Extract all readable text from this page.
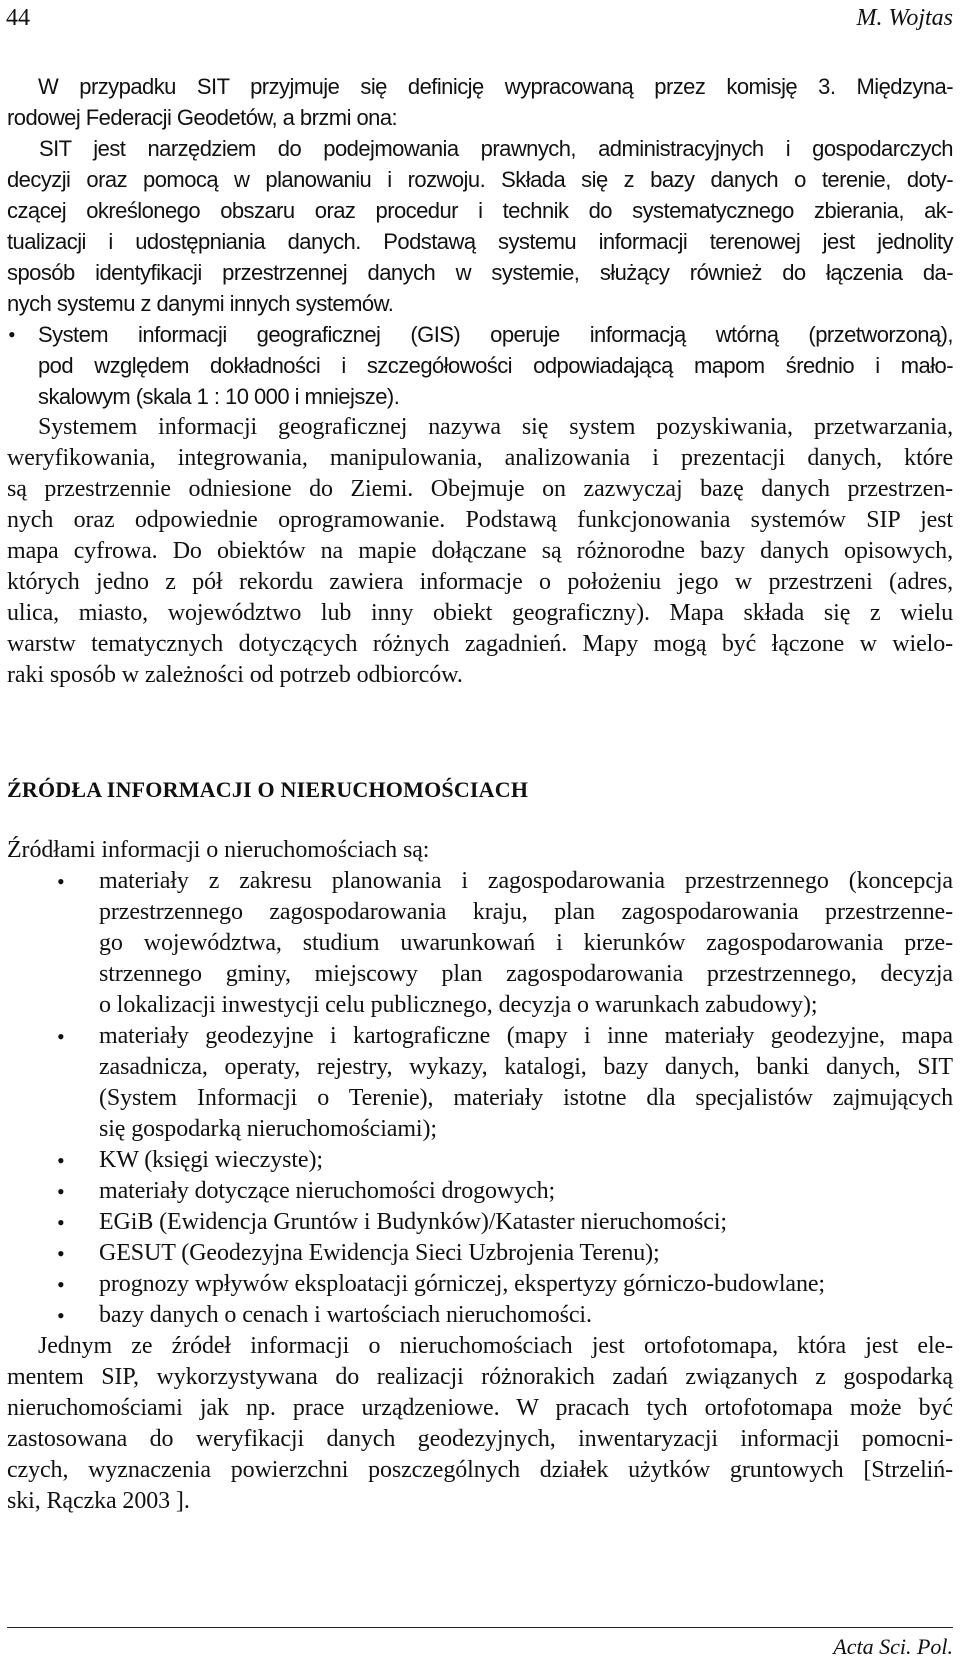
44	M. Wojtas
W przypadku SIT przyjmuje się definicję wypracowaną przez komisję 3. Międzyna-
rodowej Federacji Geodetów, a brzmi ona:
SIT jest narzędziem do podejmowania prawnych, administracyjnych i gospodarczych
decyzji oraz pomocą w planowaniu i rozwoju. Składa się z bazy danych o terenie, doty-
czącej określonego obszaru oraz procedur i technik do systematycznego zbierania, ak-
tualizacji i udostępniania danych. Podstawą systemu informacji terenowej jest jednolity
sposób identyfikacji przestrzennej danych w systemie, służący również do łączenia da-
nych systemu z danymi innych systemów.
• System informacji geograficznej (GIS) operuje informacją wtórną (przetworzoną),
pod względem dokładności i szczegółowości odpowiadającą mapom średnio i mało-
skalowym (skala 1 : 10 000 i mniejsze).
Systemem informacji geograficznej nazywa się system pozyskiwania, przetwarzania,
weryfikowania, integrowania, manipulowania, analizowania i prezentacji danych, które
są przestrzennie odniesione do Ziemi. Obejmuje on zazwyczaj bazę danych przestrzen-
nych oraz odpowiednie oprogramowanie. Podstawą funkcjonowania systemów SIP jest
mapa cyfrowa. Do obiektów na mapie dołączane są różnorodne bazy danych opisowych,
których jedno z pół rekordu zawiera informacje o położeniu jego w przestrzeni (adres,
ulica, miasto, województwo lub inny obiekt geograficzny). Mapa składa się z wielu
warstw tematycznych dotyczących różnych zagadnień. Mapy mogą być łączone w wielo-
raki sposób w zależności od potrzeb odbiorców.
ŹRÓDŁA INFORMACJI O NIERUCHOMOŚCIACH
Źródłami informacji o nieruchomościach są:
• materiały z zakresu planowania i zagospodarowania przestrzennego (koncepcja
przestrzennego zagospodarowania kraju, plan zagospodarowania przestrzenne-
go województwa, studium uwarunkowań i kierunków zagospodarowania prze-
strzennego gminy, miejscowy plan zagospodarowania przestrzennego, decyzja
o lokalizacji inwestycji celu publicznego, decyzja o warunkach zabudowy);
• materiały geodezyjne i kartograficzne (mapy i inne materiały geodezyjne, mapa
zasadnicza, operaty, rejestry, wykazy, katalogi, bazy danych, banki danych, SIT
(System Informacji o Terenie), materiały istotne dla specjalistów zajmujących
się gospodarką nieruchomościami);
• KW (księgi wieczyste);
• materiały dotyczące nieruchomości drogowych;
• EGiB (Ewidencja Gruntów i Budynków)/Kataster nieruchomości;
• GESUT (Geodezyjna Ewidencja Sieci Uzbrojenia Terenu);
• prognozy wpływów eksploatacji górniczej, ekspertyzy górniczo-budowlane;
• bazy danych o cenach i wartościach nieruchomości.
Jednym ze źródeł informacji o nieruchomościach jest ortofotomapa, która jest ele-
mentem SIP, wykorzystywana do realizacji różnorakich zadań związanych z gospodarką
nieruchomościami jak np. prace urządzeniowe. W pracach tych ortofotomapa może być
zastosowana do weryfikacji danych geodezyjnych, inwentaryzacji informacji pomocni-
czych, wyznaczenia powierzchni poszczególnych działek użytków gruntowych [Strzeliń-
ski, Rączka 2003 ].
Acta Sci. Pol.
